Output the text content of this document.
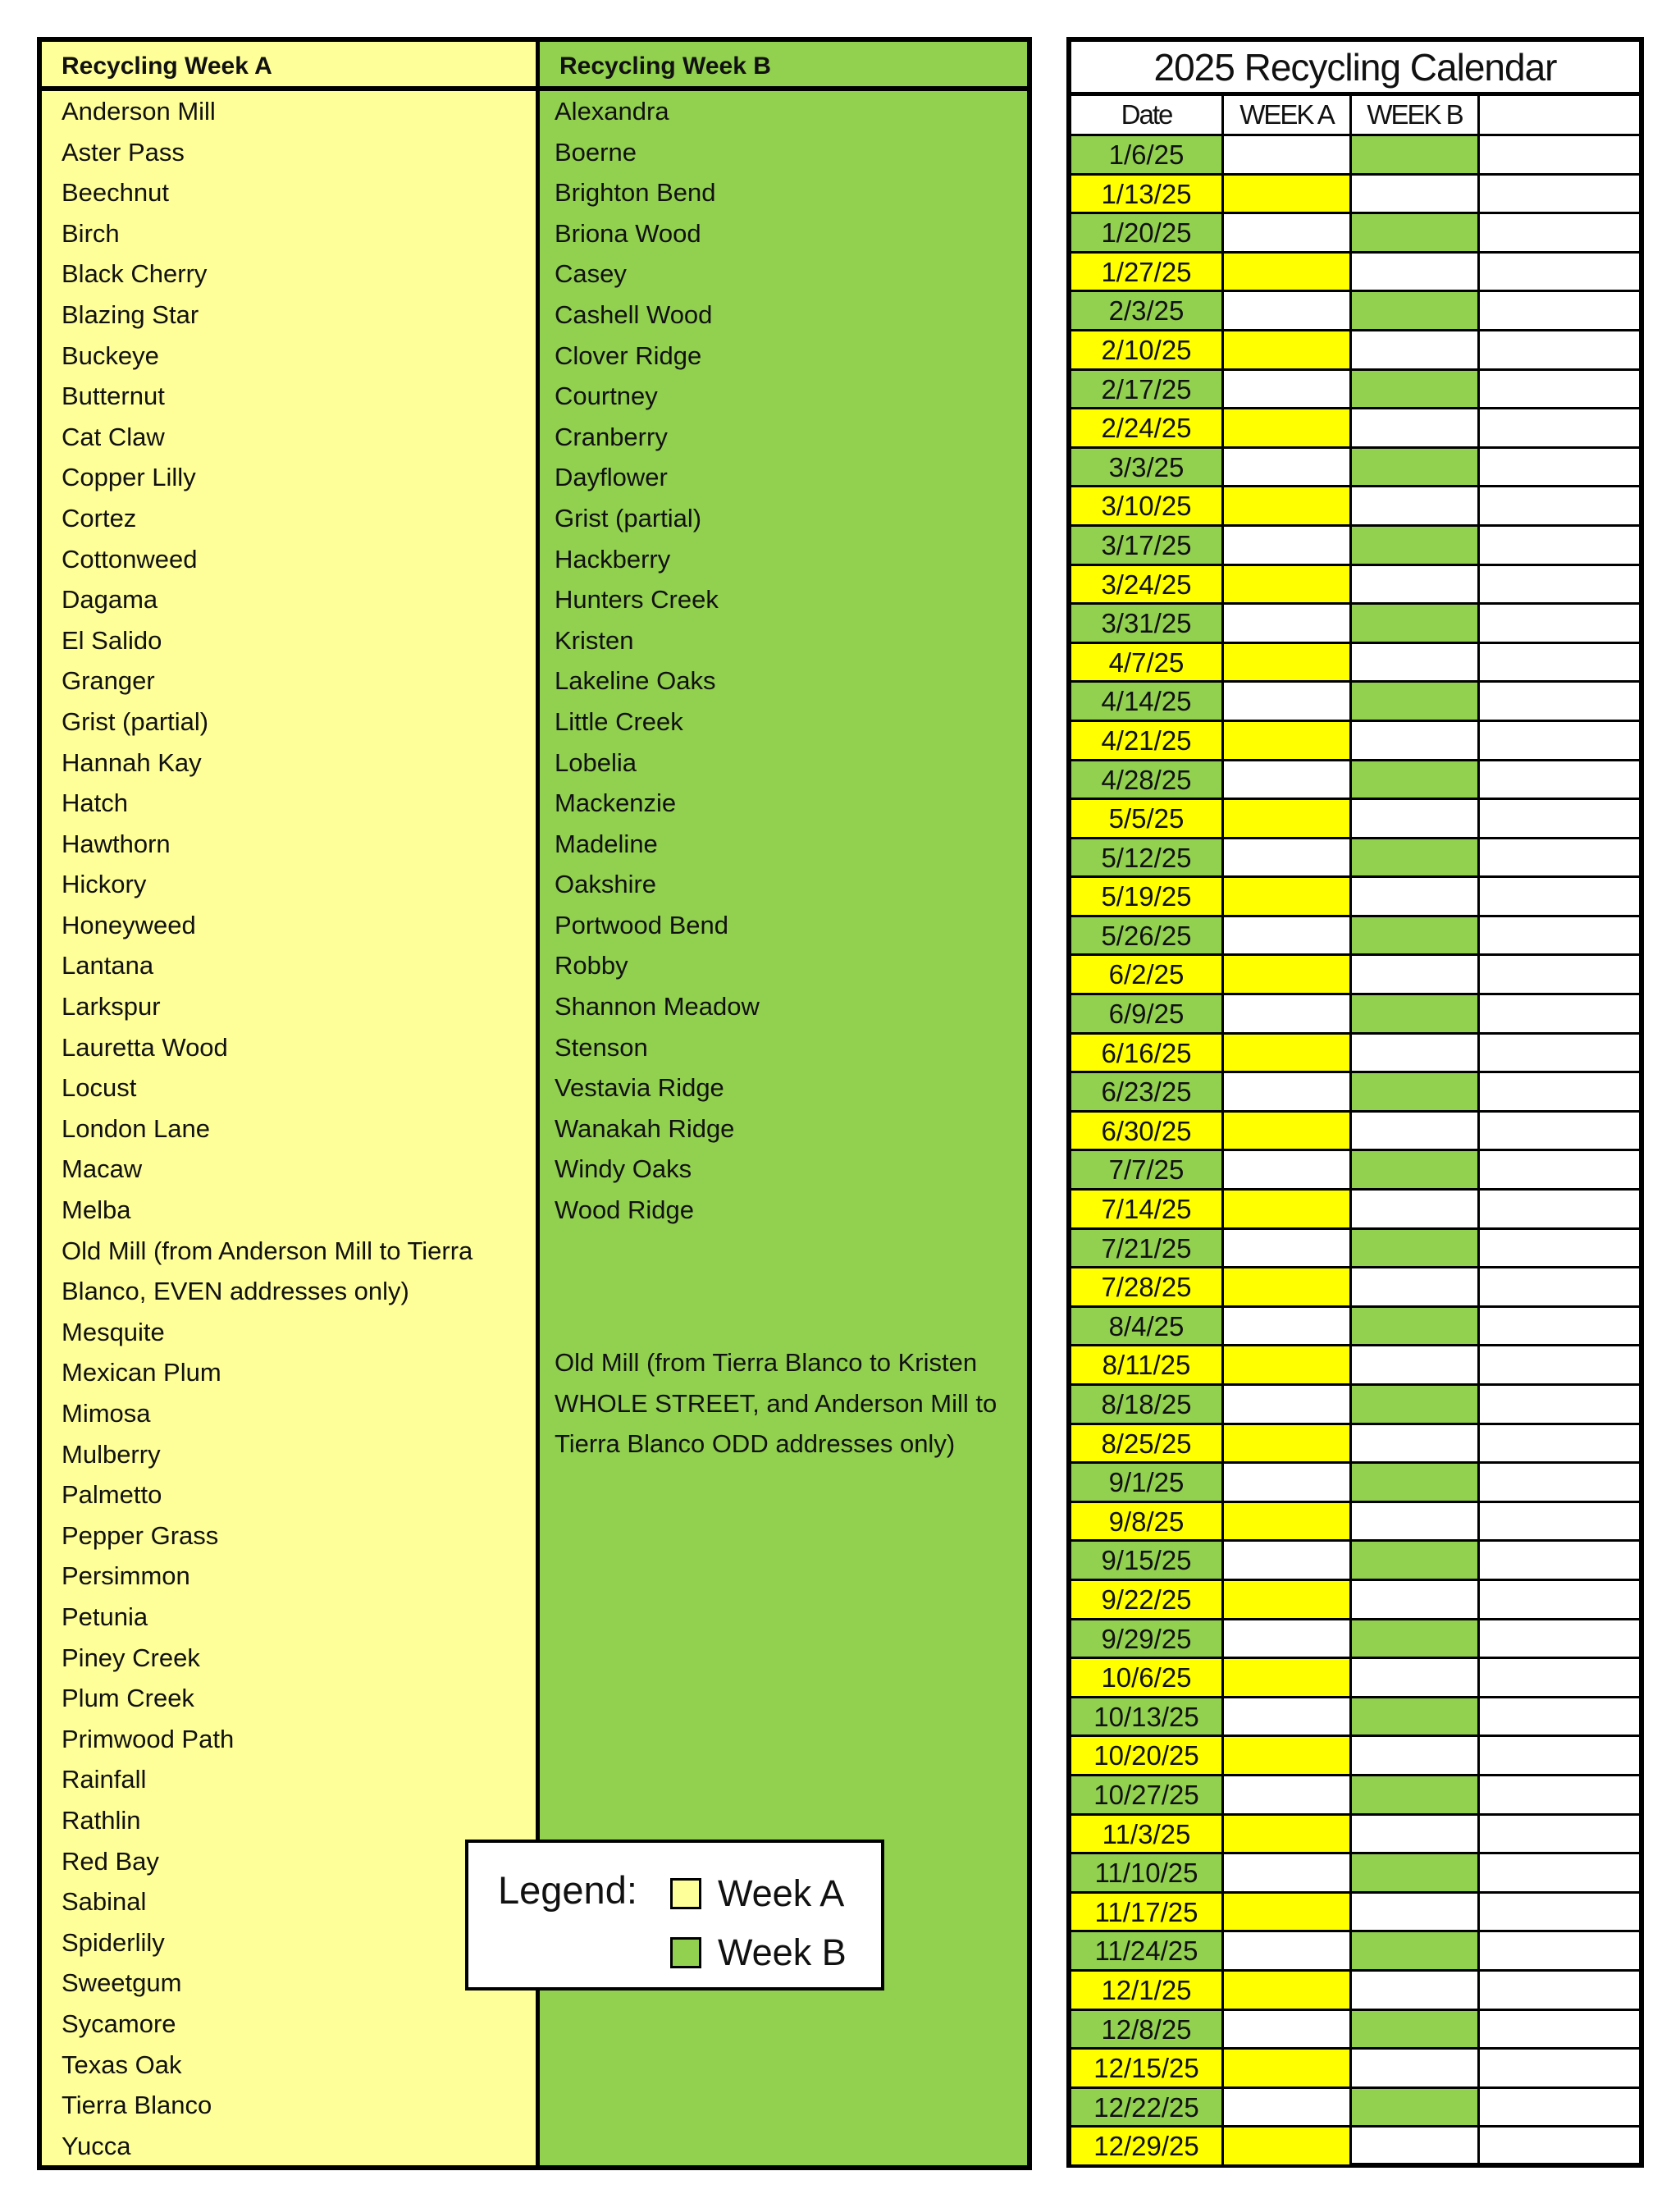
Recycling Week A
Anderson Mill
Aster Pass
Beechnut
Birch
Black Cherry
Blazing Star
Buckeye
Butternut
Cat Claw
Copper Lilly
Cortez
Cottonweed
Dagama
El Salido
Granger
Grist (partial)
Hannah Kay
Hatch
Hawthorn
Hickory
Honeyweed
Lantana
Larkspur
Lauretta Wood
Locust
London Lane
Macaw
Melba
Old Mill (from Anderson Mill to Tierra
Blanco, EVEN addresses only)
Mesquite
Mexican Plum
Mimosa
Mulberry
Palmetto
Pepper Grass
Persimmon
Petunia
Piney Creek
Plum Creek
Primwood Path
Rainfall
Rathlin
Red Bay
Sabinal
Spiderlily
Sweetgum
Sycamore
Texas Oak
Tierra Blanco
Yucca
Recycling Week B
Alexandra
Boerne
Brighton Bend
Briona Wood
Casey
Cashell Wood
Clover Ridge
Courtney
Cranberry
Dayflower
Grist (partial)
Hackberry
Hunters Creek
Kristen
Lakeline Oaks
Little Creek
Lobelia
Mackenzie
Madeline
Oakshire
Portwood Bend
Robby
Shannon Meadow
Stenson
Vestavia Ridge
Wanakah Ridge
Windy Oaks
Wood Ridge
Old Mill (from Tierra Blanco to Kristen
WHOLE STREET, and Anderson Mill to
Tierra Blanco ODD addresses only)
Legend: Week A
Week B
2025 Recycling Calendar
Date	WEEK A	WEEK B
1/6/25
1/13/25
1/20/25
1/27/25
2/3/25
2/10/25
2/17/25
2/24/25
3/3/25
3/10/25
3/17/25
3/24/25
3/31/25
4/7/25
4/14/25
4/21/25
4/28/25
5/5/25
5/12/25
5/19/25
5/26/25
6/2/25
6/9/25
6/16/25
6/23/25
6/30/25
7/7/25
7/14/25
7/21/25
7/28/25
8/4/25
8/11/25
8/18/25
8/25/25
9/1/25
9/8/25
9/15/25
9/22/25
9/29/25
10/6/25
10/13/25
10/20/25
10/27/25
11/3/25
11/10/25
11/17/25
11/24/25
12/1/25
12/8/25
12/15/25
12/22/25
12/29/25
